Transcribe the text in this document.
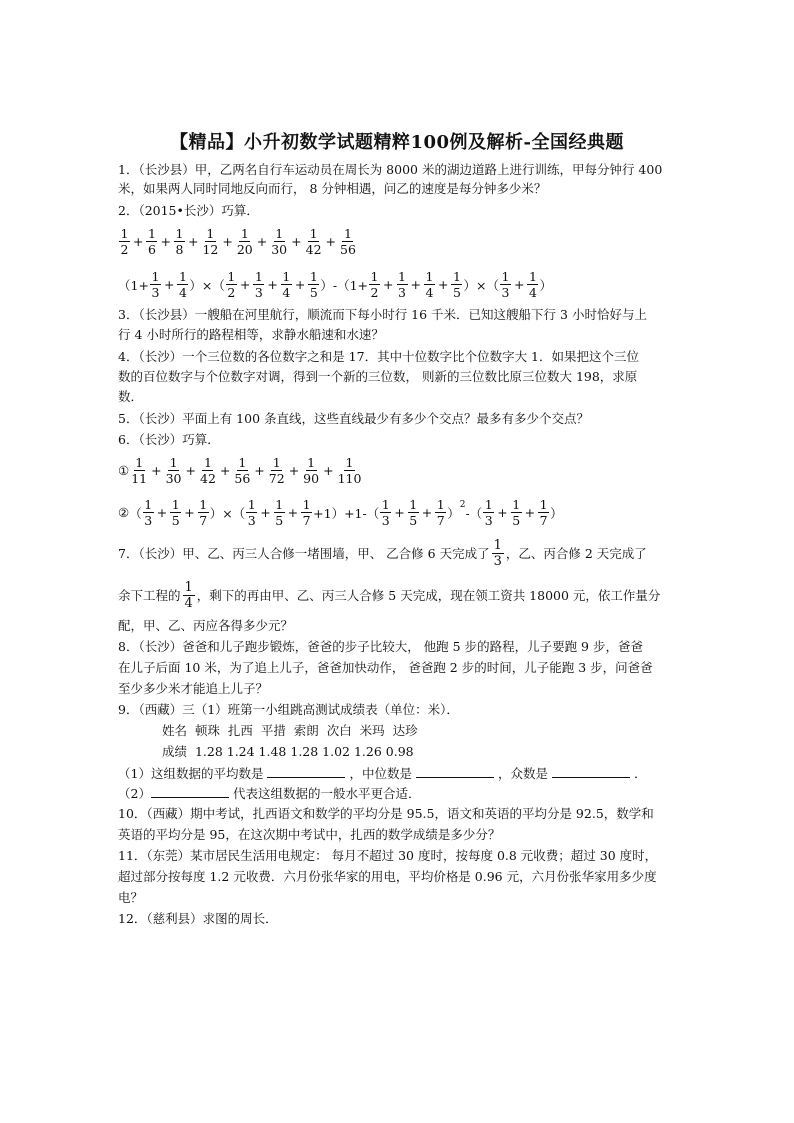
【精品】小升初数学试题精粹100例及解析-全国经典题
1．（长沙县）甲，乙两名自行车运动员在周长为 8000 米的湖边道路上进行训练，甲每分钟行 400
米，如果两人同时同地反向而行， 8 分钟相遇，问乙的速度是每分钟多少米？
2．（2015•长沙）巧算．
$\frac{1}{2} + \frac{1}{6} + \frac{1}{8} + \frac{1}{12} + \frac{1}{20} + \frac{1}{30} + \frac{1}{42} + \frac{1}{56}$
（$1+ \frac{1}{3} + \frac{1}{4}$ ）×（ $\frac{1}{2} + \frac{1}{3} + \frac{1}{4} + \frac{1}{5} )-(1+ \frac{1}{2} + \frac{1}{3} + \frac{1}{4} + \frac{1}{5}$ ）×（ $\frac{1}{3} + \frac{1}{4}$ ）
3．（长沙县）一艘船在河里航行，顺流而下每小时行 16 千米．已知这艘船下行 3 小时恰好与上
行 4 小时所行的路程相等，求静水船速和水速？
4．（长沙）一个三位数的各位数字之和是 17．其中十位数字比个位数字大 1．如果把这个三位
数的百位数字与个位数字对调，得到一个新的三位数， 则新的三位数比原三位数大 198，求原
数．
5．（长沙）平面上有 100 条直线，这些直线最少有多少个交点？最多有多少个交点？
6．（长沙）巧算．
① $\frac{1}{11} + \frac{1}{30} + \frac{1}{42} + \frac{1}{56} + \frac{1}{72} + \frac{1}{90} + \frac{1}{110}$
② （ $\frac{1}{3} + \frac{1}{5} + \frac{1}{7}$ ）×（ $\frac{1}{3} + \frac{1}{5} + \frac{1}{7} +1)+1-( \frac{1}{3} + \frac{1}{5} + \frac{1}{7}$ ）
2
-（ $\frac{1}{3} + \frac{1}{5} + \frac{1}{7}$ ）
7．（长沙）甲、乙、丙三人合修一堵围墙，甲、 乙合修 6 天完成了 $\frac{1}{3}$ ，乙、丙合修 2 天完成了
余下工程的 $\frac{1}{4}$ ，剩下的再由甲、乙、丙三人合修 5 天完成，现在领工资共 18000 元，依工作量分
配，甲、乙、丙应各得多少元？
8．（长沙）爸爸和儿子跑步锻炼，爸爸的步子比较大， 他跑 5 步的路程，儿子要跑 9 步，爸爸
在儿子后面 10 米，为了追上儿子，爸爸加快动作， 爸爸跑 2 步的时间，儿子能跑 3 步，问爸爸
至少多少米才能追上儿子？
9．（西藏）三（1）班第一小组跳高测试成绩表（单位：米）．
姓名  顿珠  扎西  平措  索朗  次白  米玛  达珍
成绩  1.28 1.24 1.48 1.28 1.02 1.26 0.98
（1）这组数据的平均数是	，中位数是	，众数是	．
（2）	代表这组数据的一般水平更合适．
10．（西藏）期中考试，扎西语文和数学的平均分是 95.5，语文和英语的平均分是 92.5，数学和
英语的平均分是 95，在这次期中考试中，扎西的数学成绩是多少分？
11．（东莞）某市居民生活用电规定： 每月不超过 30 度时，按每度 0.8 元收费；超过 30 度时，
超过部分按每度 1.2 元收费．六月份张华家的用电，平均价格是 0.96 元，六月份张华家用多少度
电？
12．（慈利县）求图的周长．
